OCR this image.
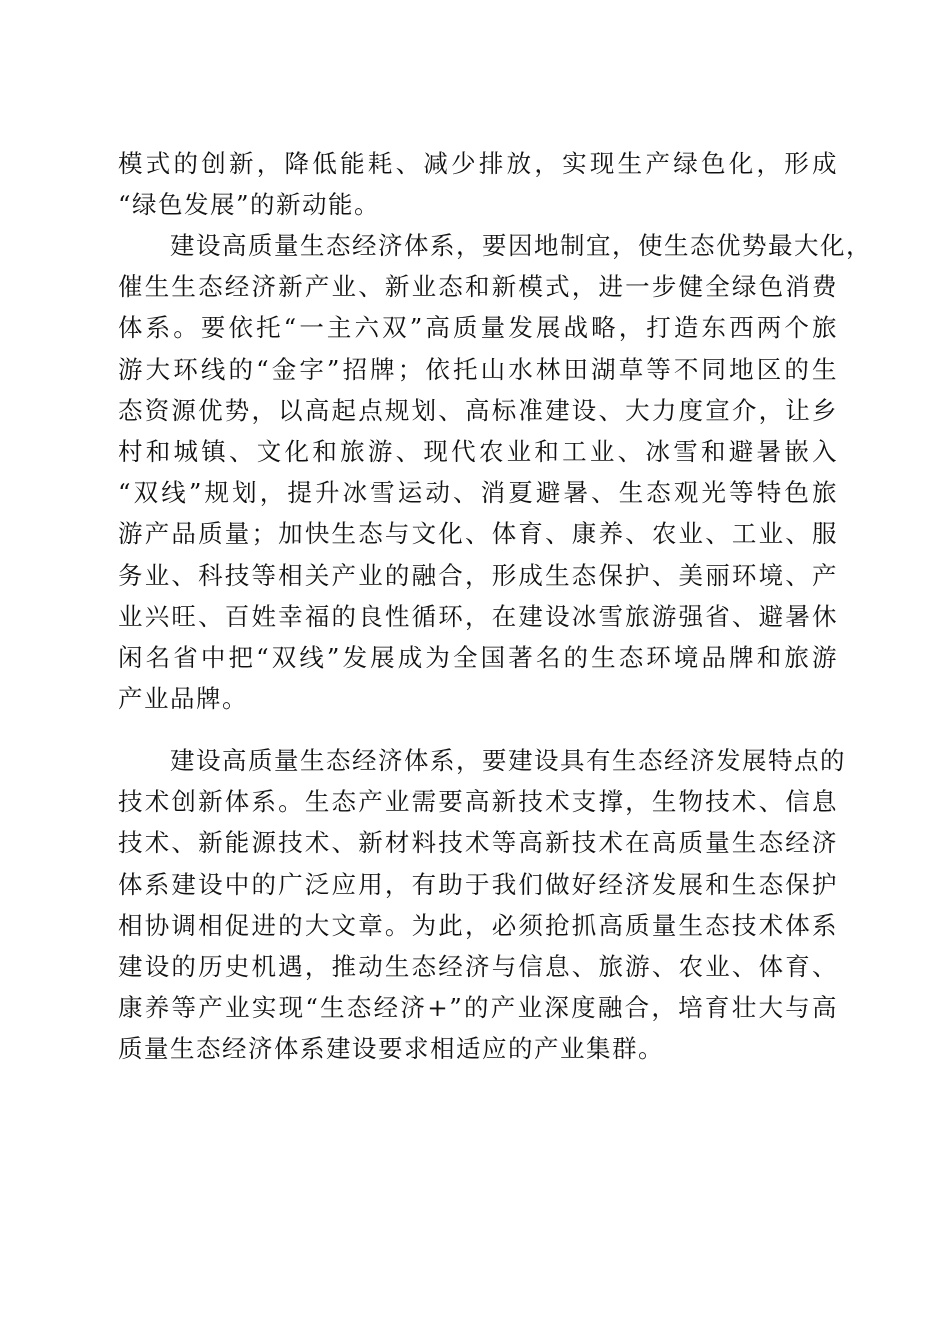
模式的创新，降低能耗、减少排放，实现生产绿色化，形成
“绿色发展”的新动能。
　　建设高质量生态经济体系，要因地制宜，使生态优势最大化，
催生生态经济新产业、新业态和新模式，进一步健全绿色消费
体系。要依托“一主六双”高质量发展战略，打造东西两个旅
游大环线的“金字”招牌；依托山水林田湖草等不同地区的生
态资源优势，以高起点规划、高标准建设、大力度宣介，让乡
村和城镇、文化和旅游、现代农业和工业、冰雪和避暑嵌入
“双线”规划，提升冰雪运动、消夏避暑、生态观光等特色旅
游产品质量；加快生态与文化、体育、康养、农业、工业、服
务业、科技等相关产业的融合，形成生态保护、美丽环境、产
业兴旺、百姓幸福的良性循环，在建设冰雪旅游强省、避暑休
闲名省中把“双线”发展成为全国著名的生态环境品牌和旅游
产业品牌。
　　建设高质量生态经济体系，要建设具有生态经济发展特点的
技术创新体系。生态产业需要高新技术支撑，生物技术、信息
技术、新能源技术、新材料技术等高新技术在高质量生态经济
体系建设中的广泛应用，有助于我们做好经济发展和生态保护
相协调相促进的大文章。为此，必须抢抓高质量生态技术体系
建设的历史机遇，推动生态经济与信息、旅游、农业、体育、
康养等产业实现“生态经济+”的产业深度融合，培育壮大与高
质量生态经济体系建设要求相适应的产业集群。
